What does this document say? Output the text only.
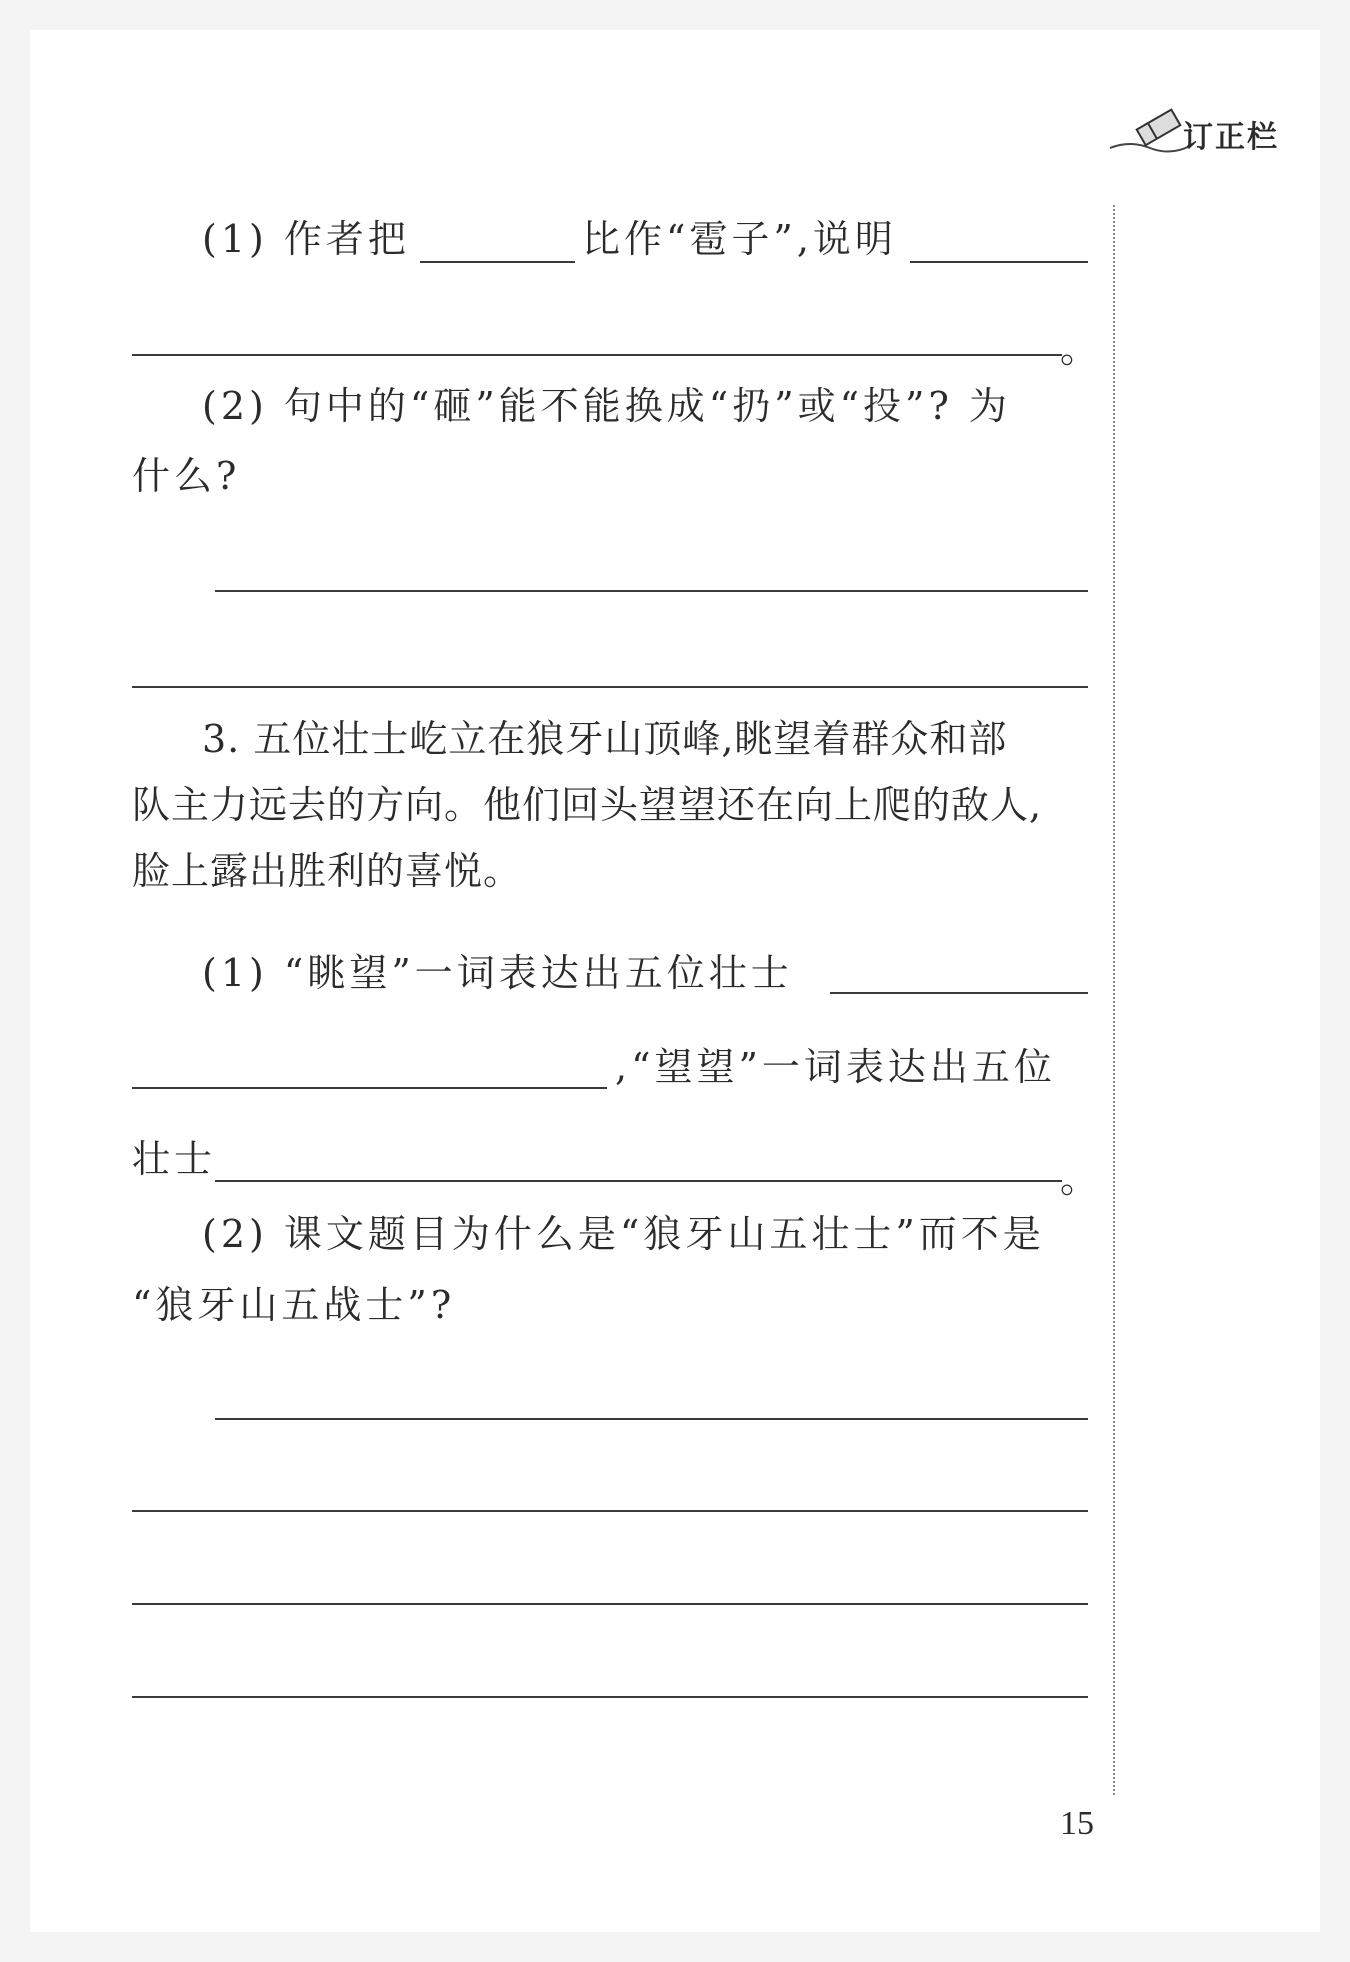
订正栏
(1) 作者把	比作“雹子”,说明
。
(2) 句中的“砸”能不能换成“扔”或“投”? 为
什么?
3. 五位壮士屹立在狼牙山顶峰,眺望着群众和部
队主力远去的方向。他们回头望望还在向上爬的敌人,
脸上露出胜利的喜悦。
(1) “眺望”一词表达出五位壮士
,“望望”一词表达出五位
壮士	。
(2) 课文题目为什么是“狼牙山五壮士”而不是
“狼牙山五战士”?
15
